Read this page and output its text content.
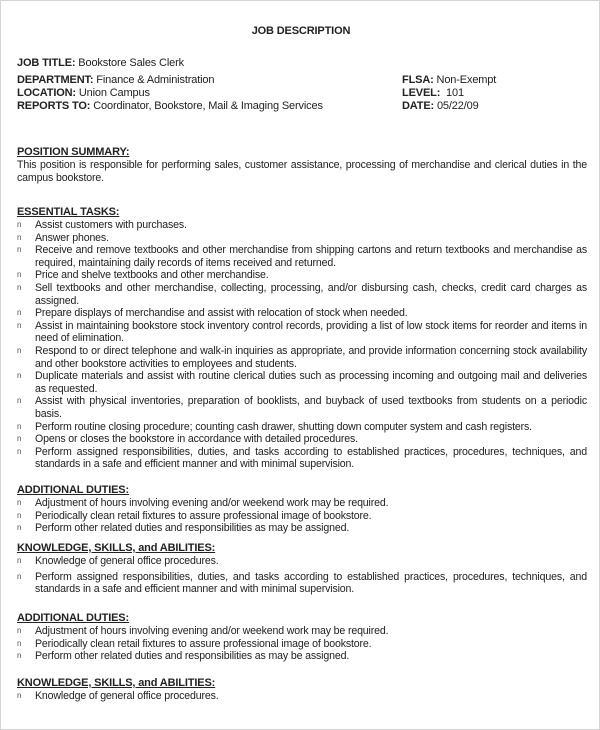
JOB DESCRIPTION
JOB TITLE: Bookstore Sales Clerk
DEPARTMENT: Finance & Administration
LOCATION: Union Campus
REPORTS TO: Coordinator, Bookstore, Mail & Imaging Services
FLSA: Non-Exempt
LEVEL:  101
DATE: 05/22/09
POSITION SUMMARY:
This position is responsible for performing sales, customer assistance, processing of merchandise and clerical duties in the campus bookstore.
ESSENTIAL TASKS:
n Assist customers with purchases.
n Answer phones.
n Receive and remove textbooks and other merchandise from shipping cartons and return textbooks and merchandise as required, maintaining daily records of items received and returned.
n Price and shelve textbooks and other merchandise.
n Sell textbooks and other merchandise, collecting, processing, and/or disbursing cash, checks, credit card charges as assigned.
n Prepare displays of merchandise and assist with relocation of stock when needed.
n Assist in maintaining bookstore stock inventory control records, providing a list of low stock items for reorder and items in need of elimination.
n Respond to or direct telephone and walk-in inquiries as appropriate, and provide information concerning stock availability and other bookstore activities to employees and students.
n Duplicate materials and assist with routine clerical duties such as processing incoming and outgoing mail and deliveries as requested.
n Assist with physical inventories, preparation of booklists, and buyback of used textbooks from students on a periodic basis.
n Perform routine closing procedure; counting cash drawer, shutting down computer system and cash registers.
n Opens or closes the bookstore in accordance with detailed procedures.
n Perform assigned responsibilities, duties, and tasks according to established practices, procedures, techniques, and standards in a safe and efficient manner and with minimal supervision.
ADDITIONAL DUTIES:
n Adjustment of hours involving evening and/or weekend work may be required.
n Periodically clean retail fixtures to assure professional image of bookstore.
n Perform other related duties and responsibilities as may be assigned.
KNOWLEDGE, SKILLS, and ABILITIES:
n Knowledge of general office procedures.
n Perform assigned responsibilities, duties, and tasks according to established practices, procedures, techniques, and standards in a safe and efficient manner and with minimal supervision.
ADDITIONAL DUTIES:
n Adjustment of hours involving evening and/or weekend work may be required.
n Periodically clean retail fixtures to assure professional image of bookstore.
n Perform other related duties and responsibilities as may be assigned.
KNOWLEDGE, SKILLS, and ABILITIES:
n Knowledge of general office procedures.
